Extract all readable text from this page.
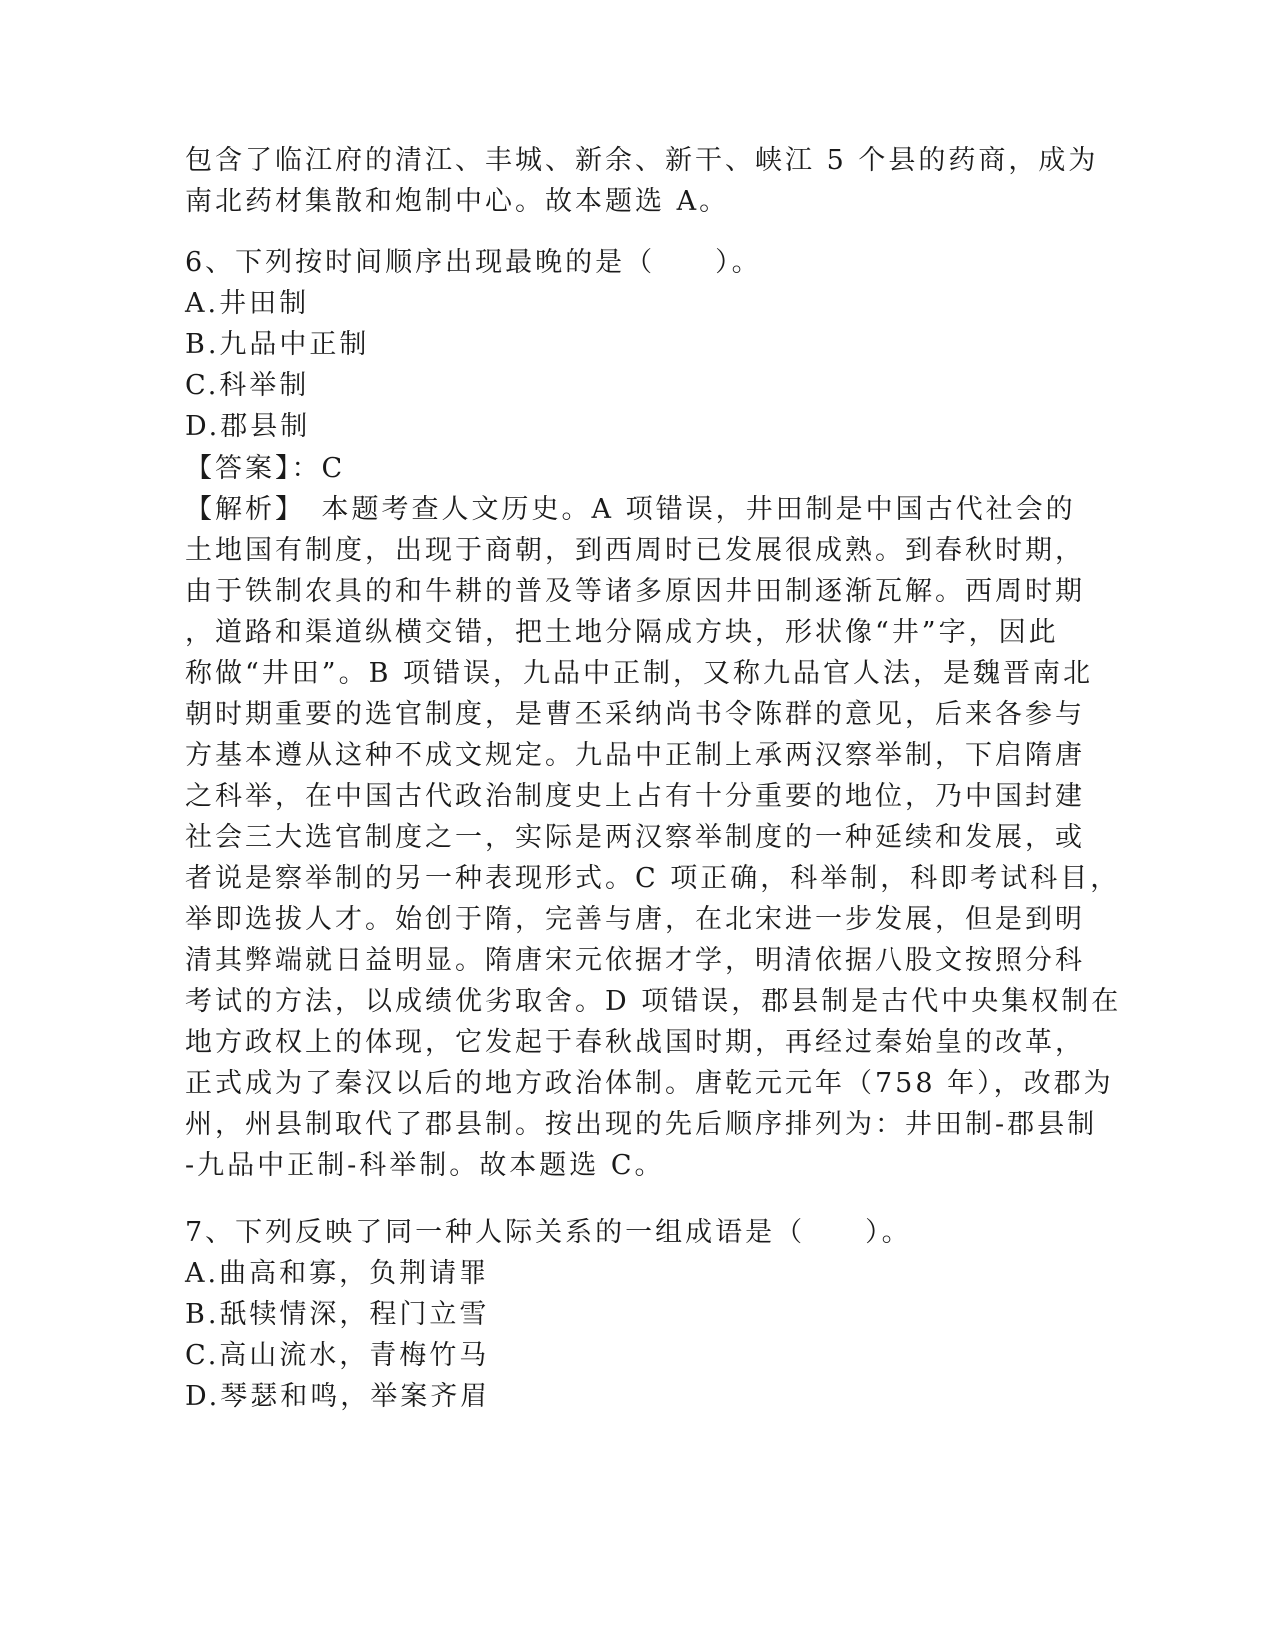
包含了临江府的清江、丰城、新余、新干、峡江 5 个县的药商，成为
南北药材集散和炮制中心。故本题选 A。
6、下列按时间顺序出现最晚的是（　　）。
A.井田制
B.九品中正制
C.科举制
D.郡县制
【答案】：C
【解析】　本题考查人文历史。A 项错误，井田制是中国古代社会的
土地国有制度，出现于商朝，到西周时已发展很成熟。到春秋时期，
由于铁制农具的和牛耕的普及等诸多原因井田制逐渐瓦解。西周时期
，道路和渠道纵横交错，把土地分隔成方块，形状像“井”字，因此
称做“井田”。B 项错误，九品中正制，又称九品官人法，是魏晋南北
朝时期重要的选官制度，是曹丕采纳尚书令陈群的意见，后来各参与
方基本遵从这种不成文规定。九品中正制上承两汉察举制，下启隋唐
之科举，在中国古代政治制度史上占有十分重要的地位，乃中国封建
社会三大选官制度之一，实际是两汉察举制度的一种延续和发展，或
者说是察举制的另一种表现形式。C 项正确，科举制，科即考试科目，
举即选拔人才。始创于隋，完善与唐，在北宋进一步发展，但是到明
清其弊端就日益明显。隋唐宋元依据才学，明清依据八股文按照分科
考试的方法，以成绩优劣取舍。D 项错误，郡县制是古代中央集权制在
地方政权上的体现，它发起于春秋战国时期，再经过秦始皇的改革，
正式成为了秦汉以后的地方政治体制。唐乾元元年（758 年），改郡为
州，州县制取代了郡县制。按出现的先后顺序排列为：井田制-郡县制
-九品中正制-科举制。故本题选 C。
7、下列反映了同一种人际关系的一组成语是（　　）。
A.曲高和寡，负荆请罪
B.舐犊情深，程门立雪
C.高山流水，青梅竹马
D.琴瑟和鸣，举案齐眉
